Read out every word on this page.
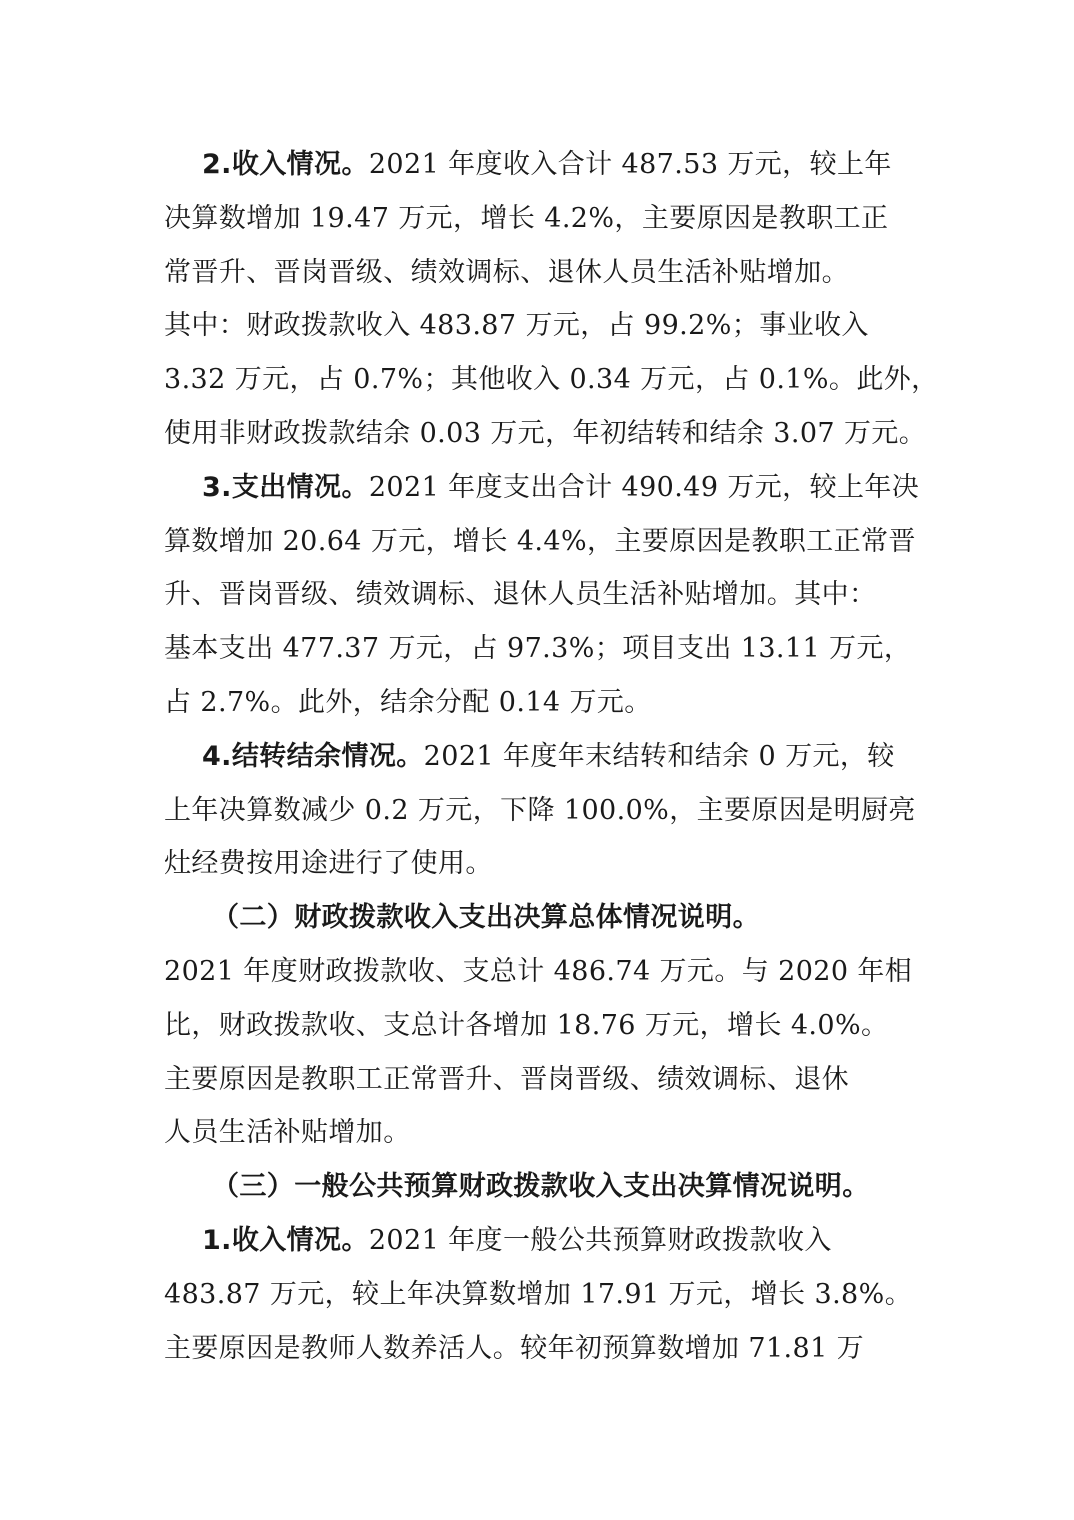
2.收入情况。2021 年度收入合计 487.53 万元，较上年
决算数增加 19.47 万元，增长 4.2%，主要原因是教职工正
常晋升、晋岗晋级、绩效调标、退休人员生活补贴增加。
其中：财政拨款收入 483.87 万元，占 99.2%；事业收入
3.32 万元，占 0.7%；其他收入 0.34 万元，占 0.1%。此外，
使用非财政拨款结余 0.03 万元，年初结转和结余 3.07 万元。
3.支出情况。2021 年度支出合计 490.49 万元，较上年决
算数增加 20.64 万元，增长 4.4%，主要原因是教职工正常晋
升、晋岗晋级、绩效调标、退休人员生活补贴增加。其中：
基本支出 477.37 万元，占 97.3%；项目支出 13.11 万元，
占 2.7%。此外，结余分配 0.14 万元。
4.结转结余情况。2021 年度年末结转和结余 0 万元，较
上年决算数减少 0.2 万元，下降 100.0%，主要原因是明厨亮
灶经费按用途进行了使用。
（二）财政拨款收入支出决算总体情况说明。
2021 年度财政拨款收、支总计 486.74 万元。与 2020 年相
比，财政拨款收、支总计各增加 18.76 万元，增长 4.0%。
主要原因是教职工正常晋升、晋岗晋级、绩效调标、退休
人员生活补贴增加。
（三）一般公共预算财政拨款收入支出决算情况说明。
1.收入情况。2021 年度一般公共预算财政拨款收入
483.87 万元，较上年决算数增加 17.91 万元，增长 3.8%。
主要原因是教师人数养活人。较年初预算数增加 71.81 万
